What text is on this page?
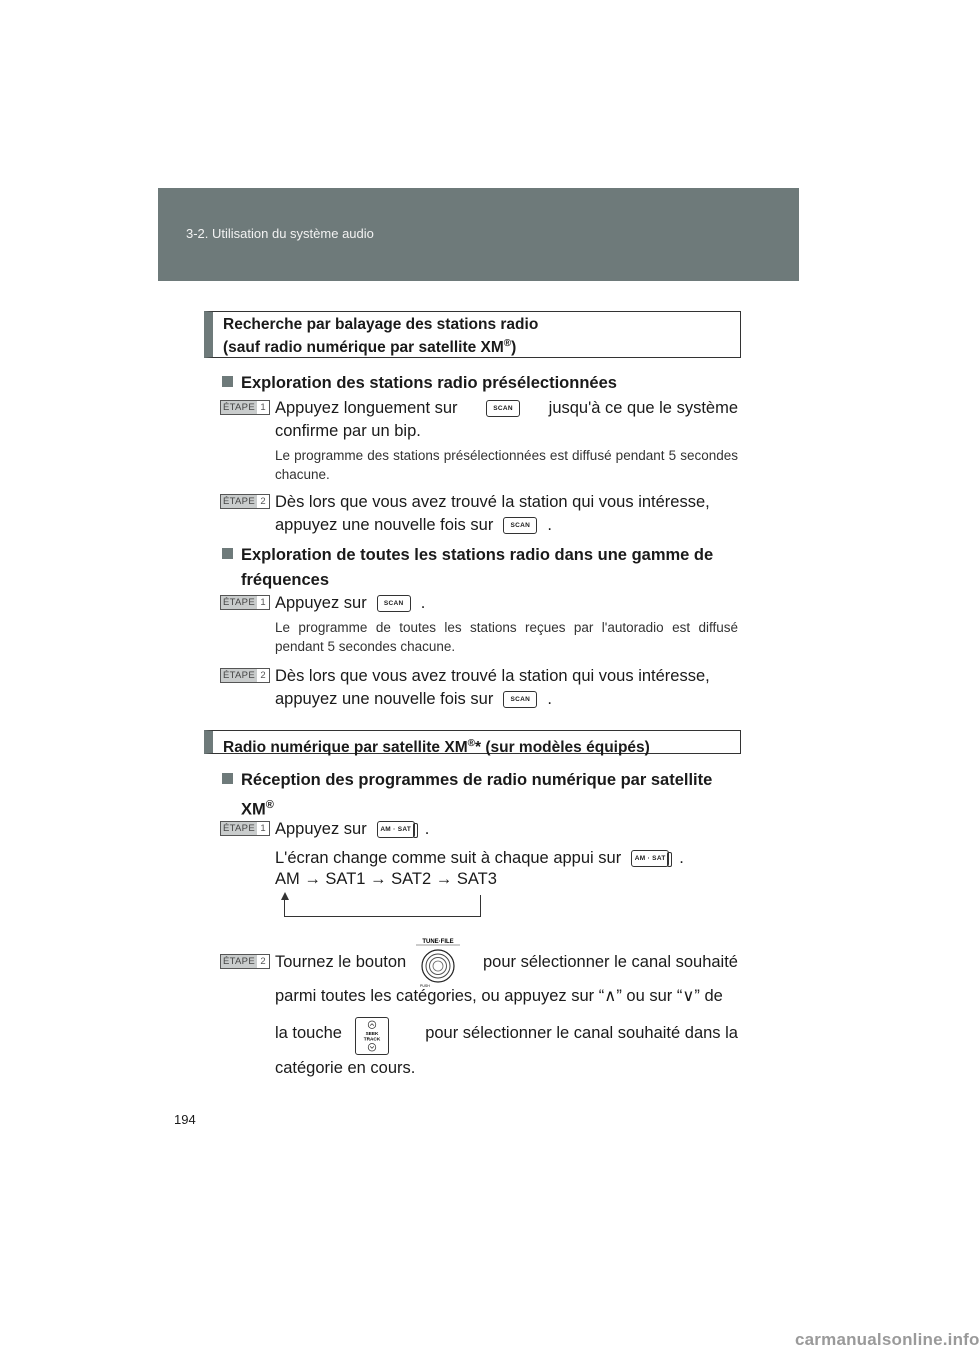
3-2. Utilisation du système audio
Recherche par balayage des stations radio
(sauf radio numérique par satellite XM®)
Exploration des stations radio présélectionnées
ÉTAPE 1 Appuyez longuement sur	SCAN	jusqu'à ce que le système
confirme par un bip.
Le programme des stations présélectionnées est diffusé pendant 5 secondes chacune.
ÉTAPE 2 Dès lors que vous avez trouvé la station qui vous intéresse,
appuyez une nouvelle fois sur	SCAN .
Exploration de toutes les stations radio dans une gamme de
fréquences
ÉTAPE 1 Appuyez sur	SCAN .
Le programme de toutes les stations reçues par l'autoradio est diffusé pendant 5 secondes chacune.
ÉTAPE 2 Dès lors que vous avez trouvé la station qui vous intéresse,
appuyez une nouvelle fois sur	SCAN .
Radio numérique par satellite XM®* (sur modèles équipés)
Réception des programmes de radio numérique par satellite
XM®
ÉTAPE 1 Appuyez sur AM · SAT .
L'écran change comme suit à chaque appui sur AM · SAT .
AM → SAT1 → SAT2 → SAT3
ÉTAPE 2 Tournez le bouton	pour sélectionner le canal souhaité
parmi toutes les catégories, ou appuyez sur “∧” ou sur “∨” de
la touche	pour sélectionner le canal souhaité dans la
catégorie en cours.
TUNE·FILE
PUSH
SEEK
TRACK
194
carmanualsonline.info
